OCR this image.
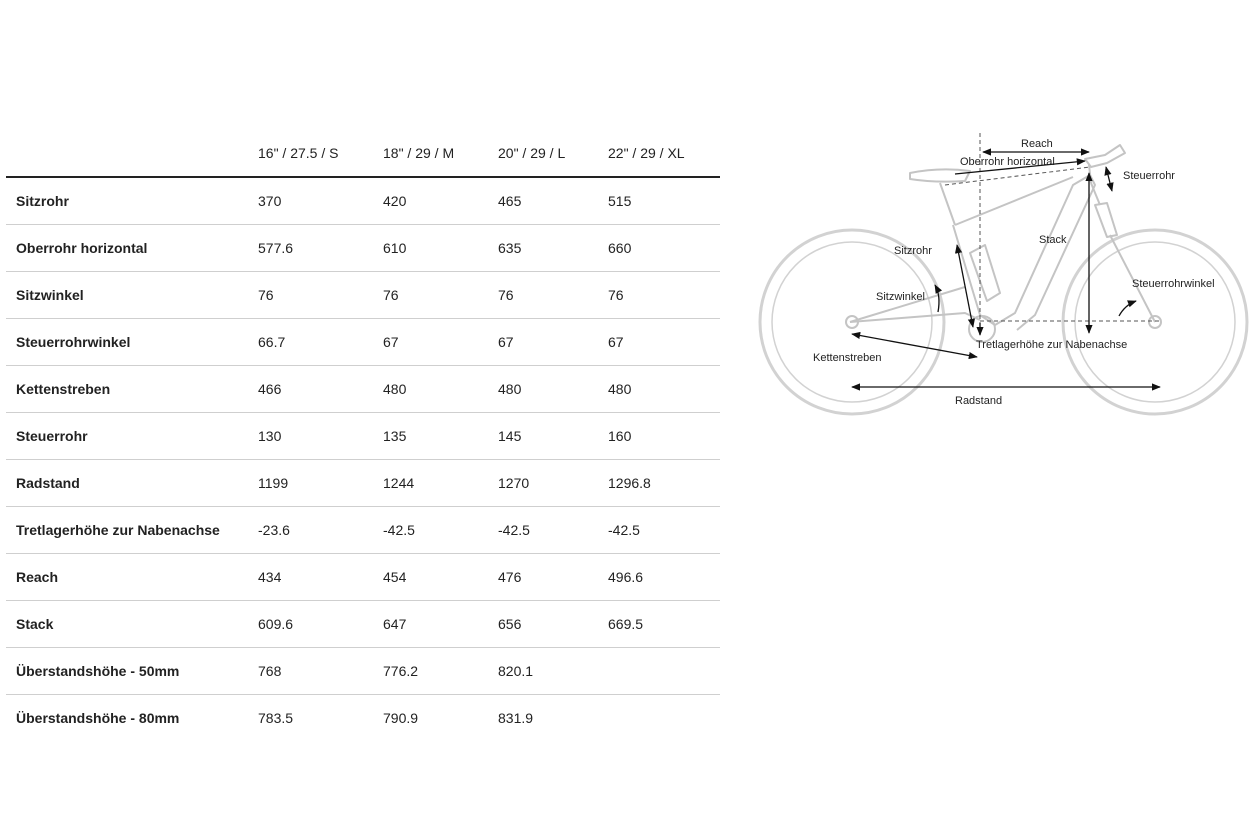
	16" / 27.5 / S	18" / 29 / M	20" / 29 / L	22" / 29 / XL
Sitzrohr	370	420	465	515
Oberrohr horizontal	577.6	610	635	660
Sitzwinkel	76	76	76	76
Steuerrohrwinkel	66.7	67	67	67
Kettenstreben	466	480	480	480
Steuerrohr	130	135	145	160
Radstand	1199	1244	1270	1296.8
Tretlagerhöhe zur Nabenachse	-23.6	-42.5	-42.5	-42.5
Reach	434	454	476	496.6
Stack	609.6	647	656	669.5
Überstandshöhe - 50mm	768	776.2	820.1	
Überstandshöhe - 80mm	783.5	790.9	831.9	
Reach
Oberrohr horizontal
Steuerrohr
Stack
Sitzrohr
Steuerrohrwinkel
Sitzwinkel
Tretlagerhöhe zur Nabenachse
Kettenstreben
Radstand
